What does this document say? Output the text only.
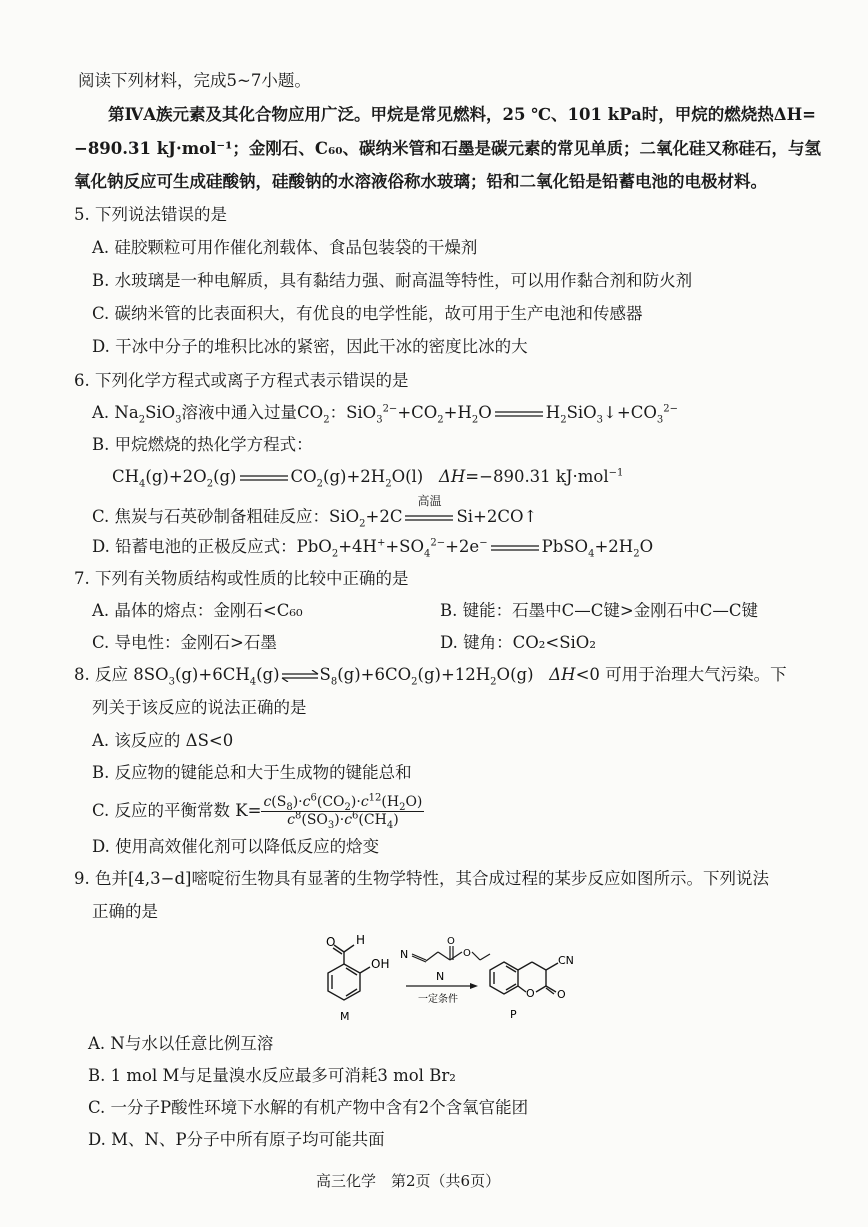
阅读下列材料，完成5~7小题。
第ⅣA族元素及其化合物应用广泛。甲烷是常见燃料，25 ℃、101 kPa时，甲烷的燃烧热ΔH=
−890.31 kJ·mol⁻¹；金刚石、C₆₀、碳纳米管和石墨是碳元素的常见单质；二氧化硅又称硅石，与氢
氧化钠反应可生成硅酸钠，硅酸钠的水溶液俗称水玻璃；铅和二氧化铅是铅蓄电池的电极材料。
5. 下列说法错误的是
A. 硅胶颗粒可用作催化剂载体、食品包装袋的干燥剂
B. 水玻璃是一种电解质，具有黏结力强、耐高温等特性，可以用作黏合剂和防火剂
C. 碳纳米管的比表面积大，有优良的电学性能，故可用于生产电池和传感器
D. 干冰中分子的堆积比冰的紧密，因此干冰的密度比冰的大
6. 下列化学方程式或离子方程式表示错误的是
A. $Na_2SiO_3$溶液中通入过量$CO_2$：$SiO_3^{2-}+CO_2+H_2O$	$H_2SiO_3↓+CO_3^{2-}$
B. 甲烷燃烧的热化学方程式：
$CH_4(g)+2O_2(g)$	$CO_2(g)+2H_2O(l)$   ΔH=−890.31 kJ·mol$^{-1}$
C. 焦炭与石英砂制备粗硅反应：SiO$_2$+2C
高温
Si+2CO↑
D. 铅蓄电池的正极反应式：$PbO_2+4H^++SO_4^{2-}+2e^-$	$PbSO_4+2H_2O$
7. 下列有关物质结构或性质的比较中正确的是
A. 晶体的熔点：金刚石<C₆₀	B. 键能：石墨中C—C键>金刚石中C—C键
C. 导电性：金刚石>石墨	D. 键角：CO₂<SiO₂
8. 反应 $8SO_3(g)+6CH_4(g)\rightleftharpoons S_8(g)+6CO_2(g)+12H_2O(g)$   ΔH<0 可用于治理大气污染。下
列关于该反应的说法正确的是
A. 该反应的 ΔS<0
B. 反应物的键能总和大于生成物的键能总和
C. 反应的平衡常数 $K= \frac{c(S_8)\cdot c^6(CO_2)\cdot c^{12}(H_2O)}{c^8(SO_3)\cdot c^6(CH_4)}$
D. 使用高效催化剂可以降低反应的焓变
9. 色并[4,3−d]嘧啶衍生物具有显著的生物学特性，其合成过程的某步反应如图所示。下列说法
正确的是
O H
OH
M
N
O
O
N
一定条件	O O
CN
P
A. N与水以任意比例互溶
B. 1 mol M与足量溴水反应最多可消耗3 mol Br₂
C. 一分子P酸性环境下水解的有机产物中含有2个含氧官能团
D. M、N、P分子中所有原子均可能共面
高三化学　第2页（共6页）
